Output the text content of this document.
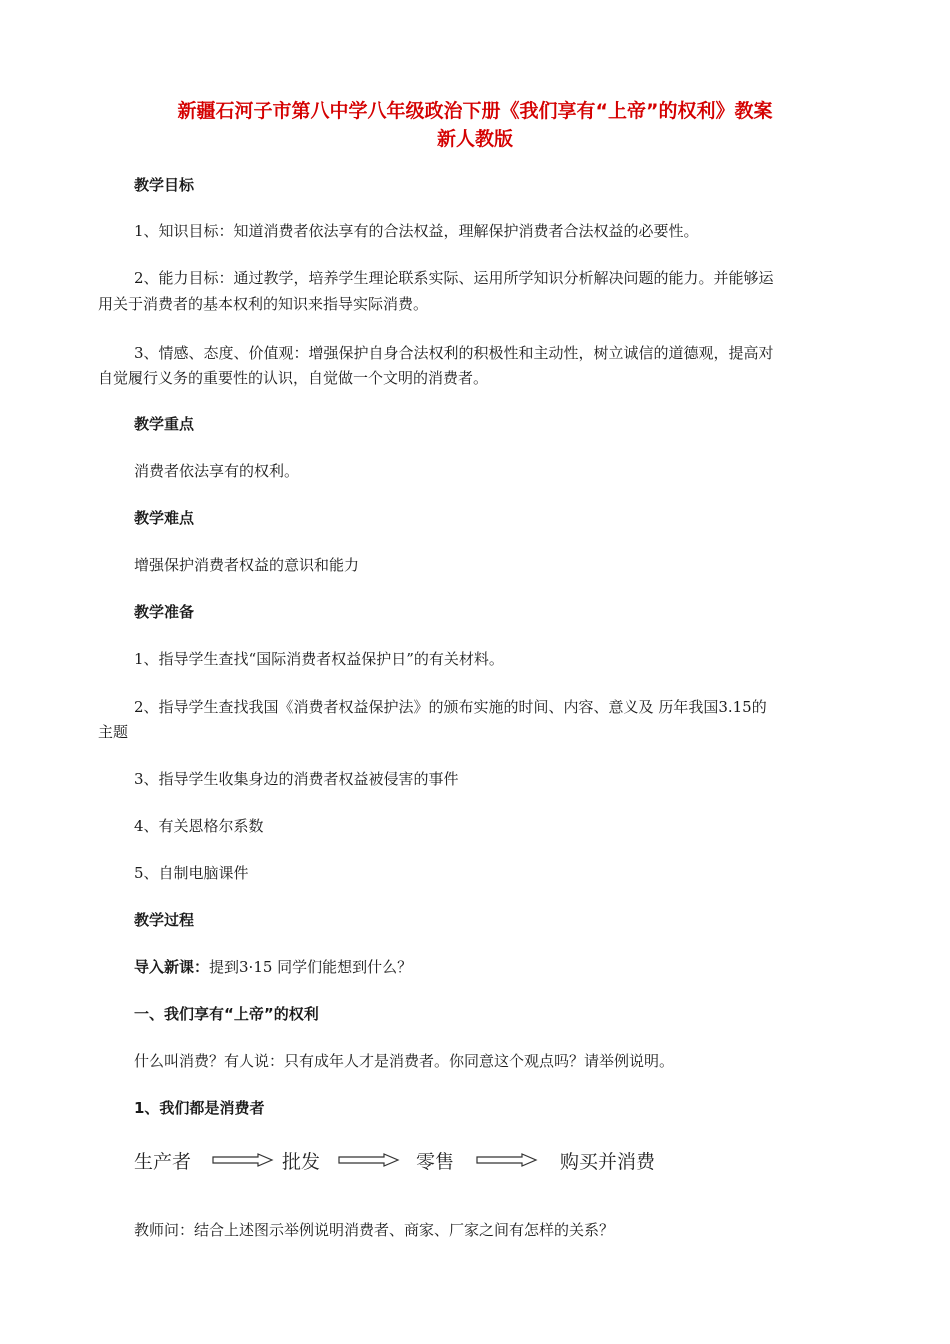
新疆石河子市第八中学八年级政治下册《我们享有“上帝”的权利》教案
新人教版
教学目标
1、知识目标：知道消费者依法享有的合法权益，理解保护消费者合法权益的必要性。
2、能力目标：通过教学，培养学生理论联系实际、运用所学知识分析解决问题的能力。并能够运
用关于消费者的基本权利的知识来指导实际消费。
3、情感、态度、价值观：增强保护自身合法权利的积极性和主动性，树立诚信的道德观，提高对
自觉履行义务的重要性的认识，自觉做一个文明的消费者。
教学重点
消费者依法享有的权利。
教学难点
增强保护消费者权益的意识和能力
教学准备
1、指导学生查找“国际消费者权益保护日”的有关材料。
2、指导学生查找我国《消费者权益保护法》的颁布实施的时间、内容、意义及 历年我国3.15的
主题
3、指导学生收集身边的消费者权益被侵害的事件
4、有关恩格尔系数
5、自制电脑课件
教学过程
导入新课：提到3·15 同学们能想到什么？
一、我们享有“上帝”的权利
什么叫消费？有人说：只有成年人才是消费者。你同意这个观点吗？请举例说明。
1、我们都是消费者
生产者	批发	零售	购买并消费
教师问：结合上述图示举例说明消费者、商家、厂家之间有怎样的关系？
